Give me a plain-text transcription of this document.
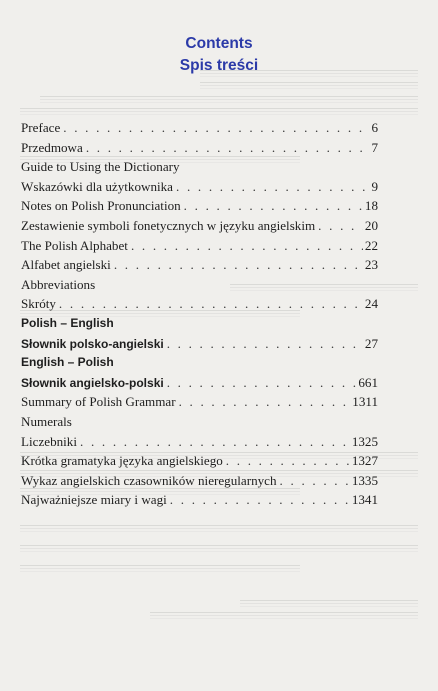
Contents
Spis treści
Preface . . .	6
Przedmowa . . .	7
Guide to Using the Dictionary
Wskazówki dla użytkownika . . .	9
Notes on Polish Pronunciation . . .	18
Zestawienie symboli fonetycznych w języku angielskim . . .	20
The Polish Alphabet . . .	22
Alfabet angielski . . .	23
Abbreviations
Skróty . . .	24
Polish – English
Słownik polsko-angielski . . .	27
English – Polish
Słownik angielsko-polski . . .	661
Summary of Polish Grammar . . .	1311
Numerals
Liczebniki . . .	1325
Krótka gramatyka języka angielskiego . . .	1327
Wykaz angielskich czasowników nieregularnych . . .	1335
Najważniejsze miary i wagi . . .	1341
